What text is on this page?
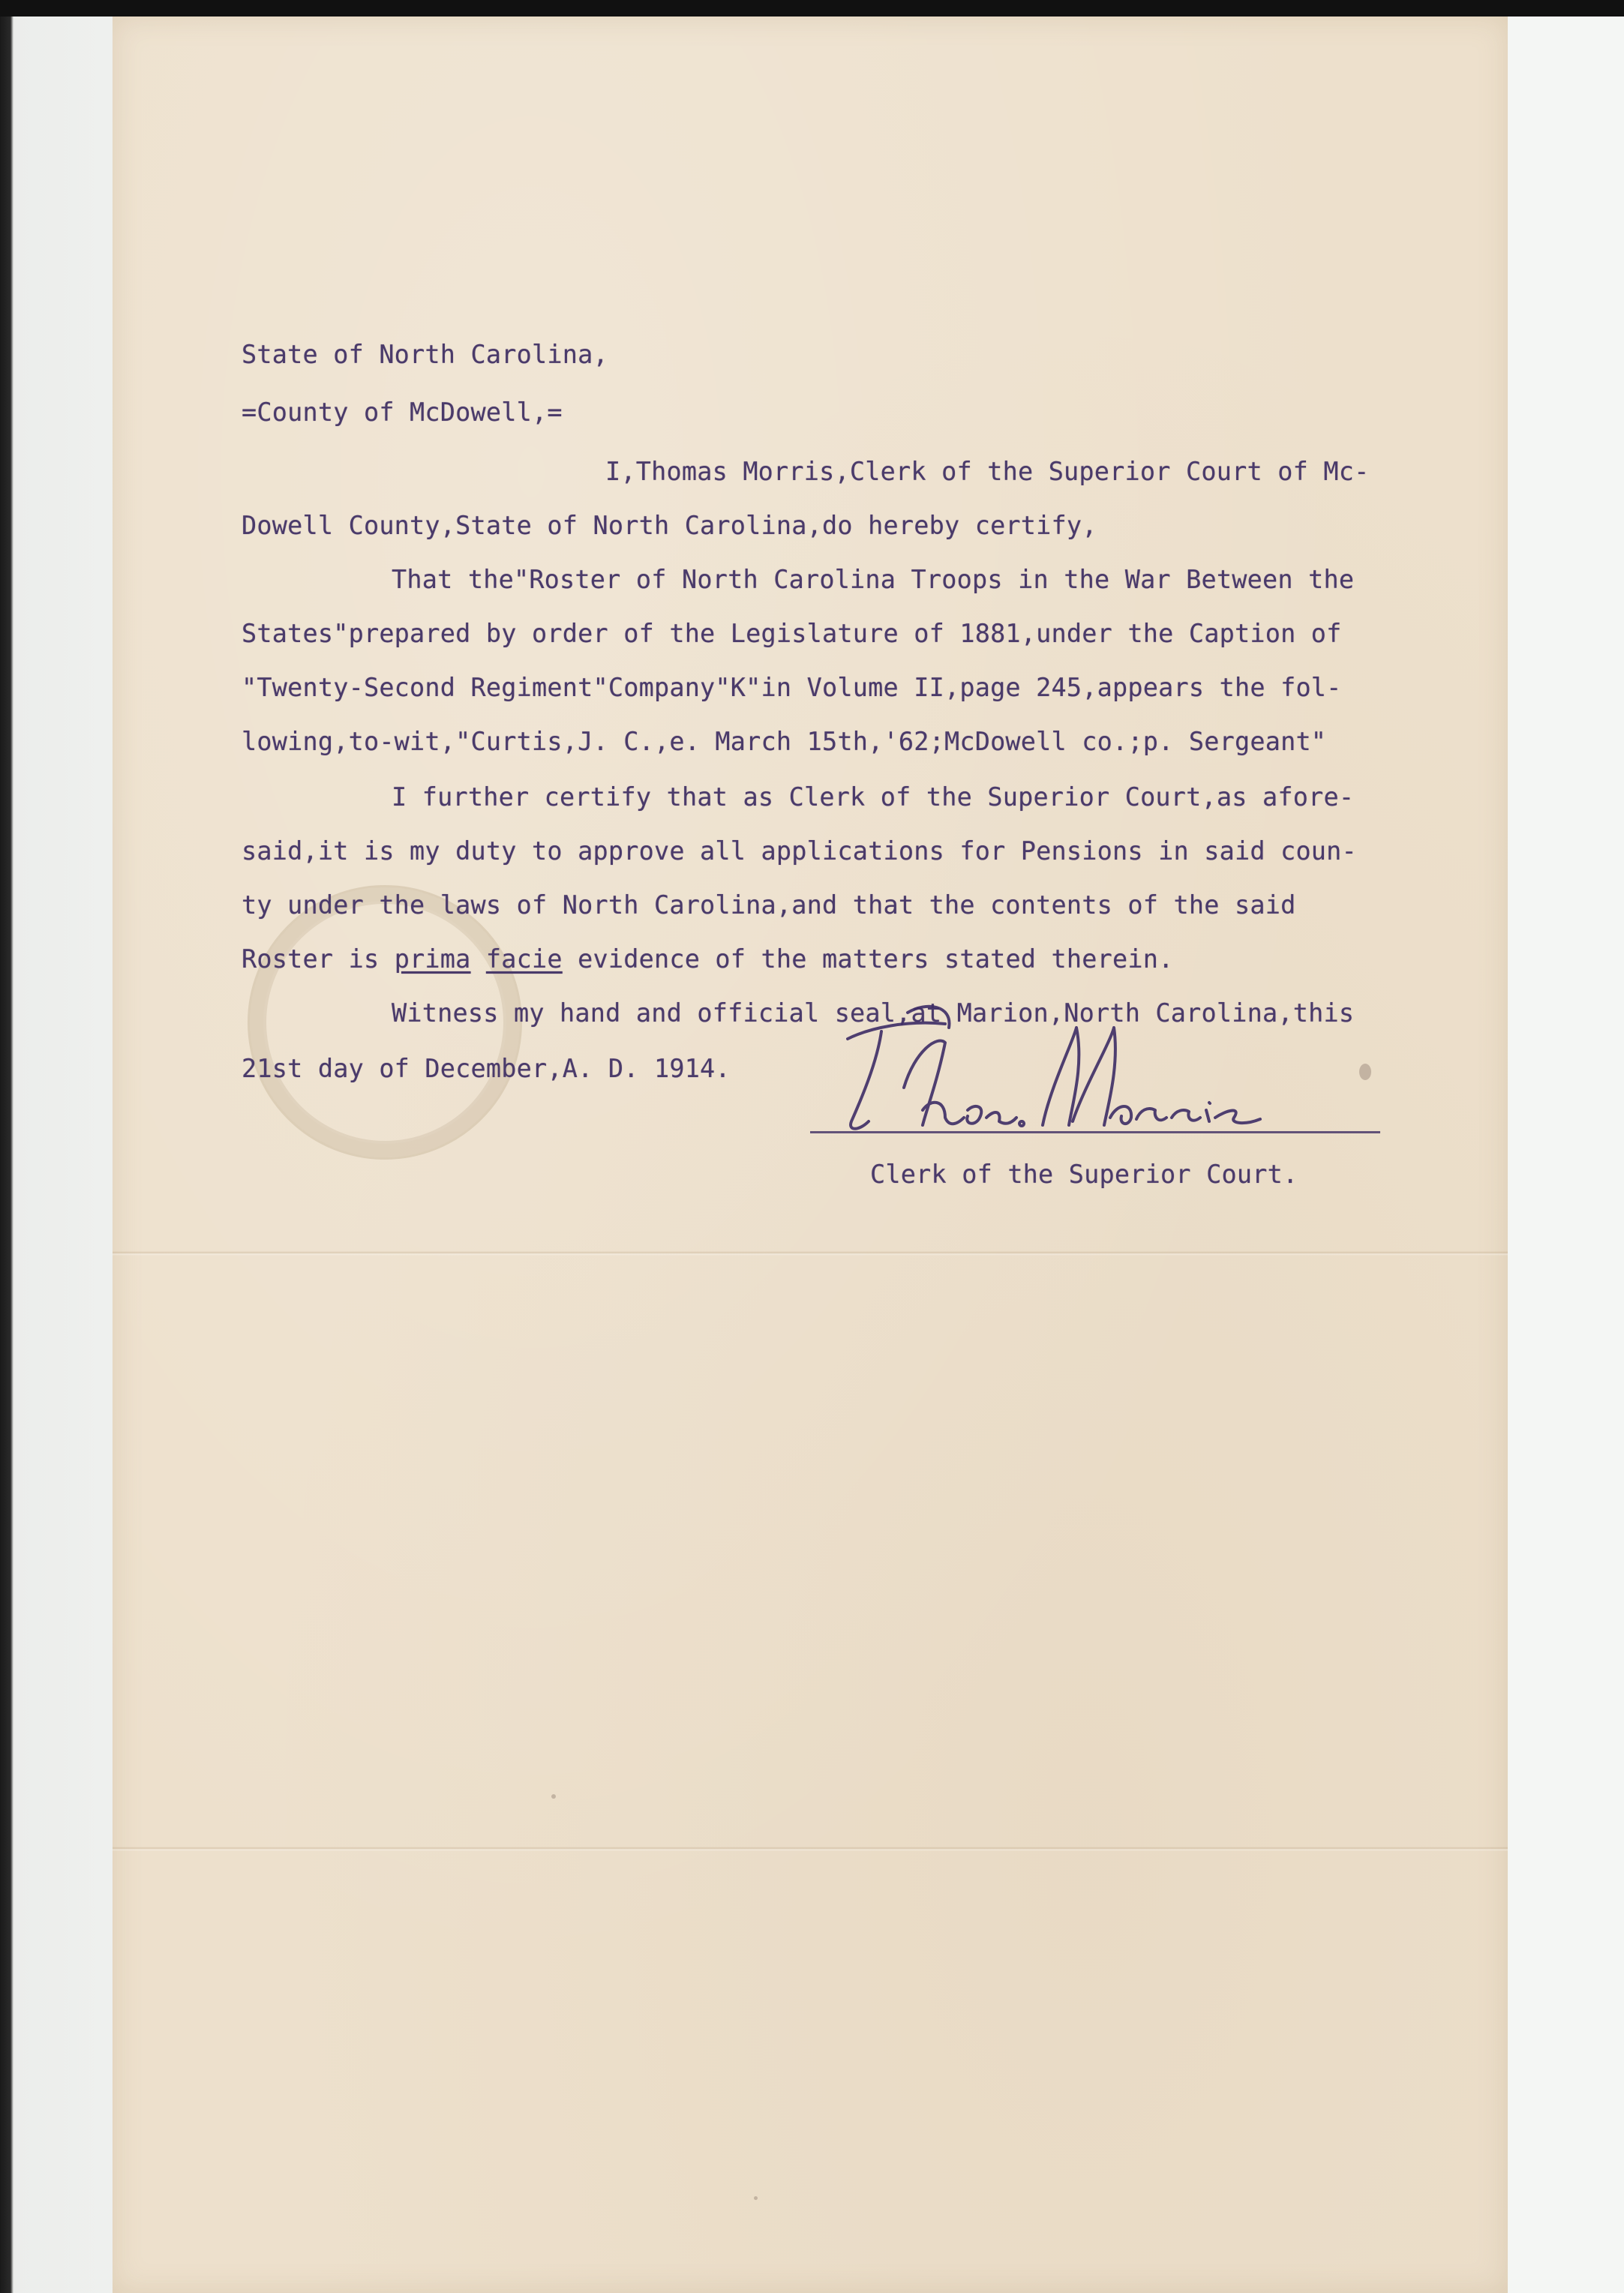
State of North Carolina,
=County of McDowell,=
I,Thomas Morris,Clerk of the Superior Court of Mc-
Dowell County,State of North Carolina,do hereby certify,
That the"Roster of North Carolina Troops in the War Between the
States"prepared by order of the Legislature of 1881,under the Caption of
"Twenty-Second Regiment"Company"K"in Volume II,page 245,appears the fol-
lowing,to-wit,"Curtis,J. C.,e. March 15th,'62;McDowell co.;p. Sergeant"
I further certify that as Clerk of the Superior Court,as afore-
said,it is my duty to approve all applications for Pensions in said coun-
ty under the laws of North Carolina,and that the contents of the said
Roster is prima facie evidence of the matters stated therein.
Witness my hand and official seal,at Marion,North Carolina,this
21st day of December,A. D. 1914.
Clerk of the Superior Court.
